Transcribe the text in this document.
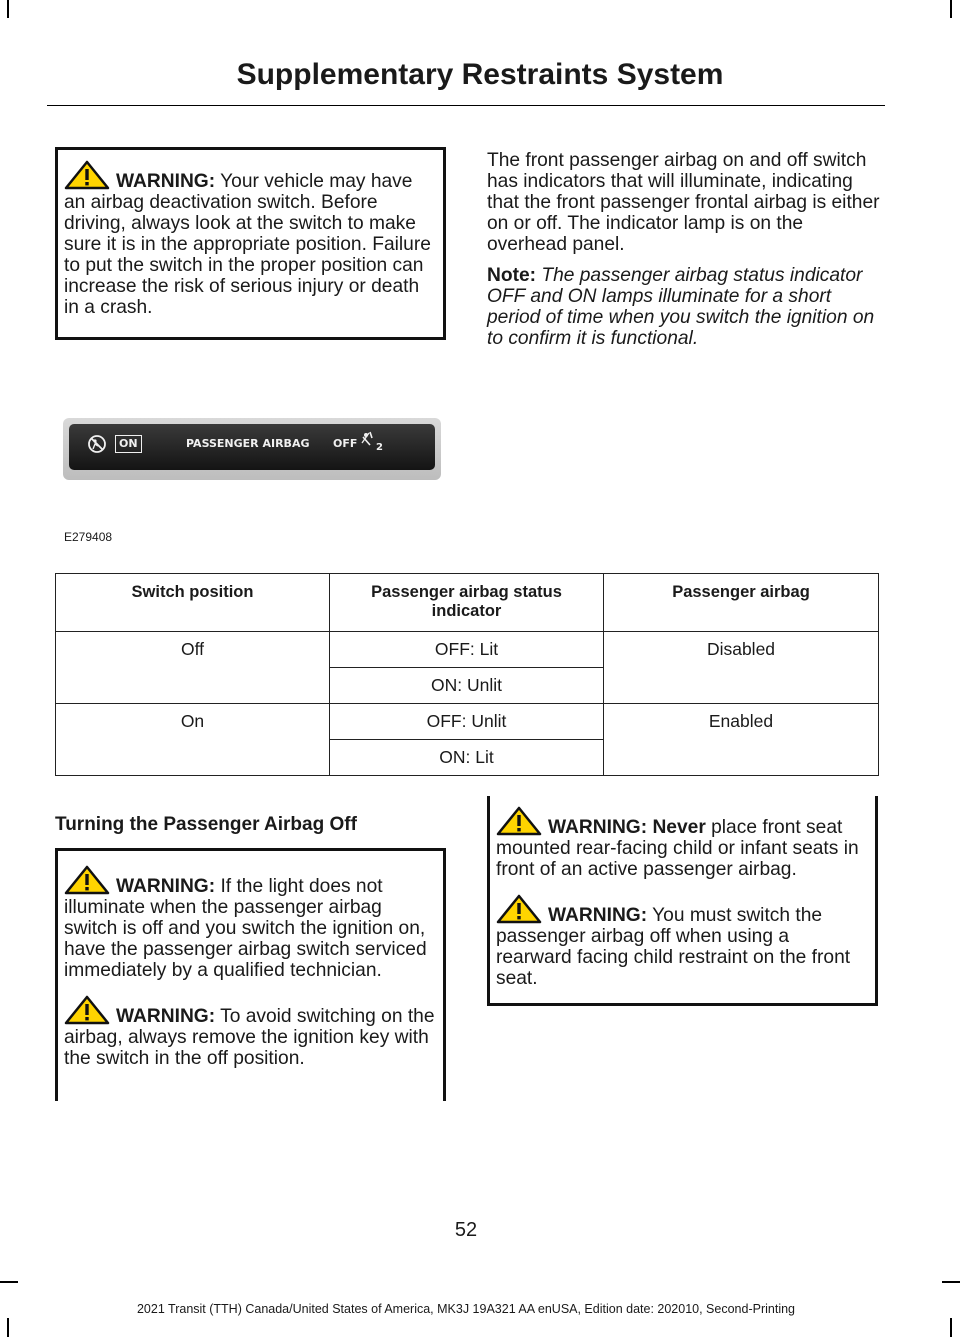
Supplementary Restraints System

WARNING: Your vehicle may have an airbag deactivation switch. Before driving, always look at the switch to make sure it is in the appropriate position. Failure to put the switch in the proper position can increase the risk of serious injury or death in a crash.

The front passenger airbag on and off switch has indicators that will illuminate, indicating that the front passenger frontal airbag is either on or off. The indicator lamp is on the overhead panel.
Note: The passenger airbag status indicator OFF and ON lamps illuminate for a short period of time when you switch the ignition on to confirm it is functional.
ON	PASSENGER AIRBAG OFF 2
E279408
Switch position	Passenger airbag status indicator	Passenger airbag
Off	OFF: Lit	Disabled
	ON: Unlit	
On	OFF: Unlit	Enabled
	ON: Lit	
Turning the Passenger Airbag Off

WARNING: If the light does not illuminate when the passenger airbag switch is off and you switch the ignition on, have the passenger airbag switch serviced immediately by a qualified technician.

WARNING: To avoid switching on the airbag, always remove the ignition key with the switch in the off position.

WARNING: Never place front seat mounted rear-facing child or infant seats in front of an active passenger airbag.

WARNING: You must switch the passenger airbag off when using a rearward facing child restraint on the front seat.

52
2021 Transit (TTH) Canada/United States of America, MK3J 19A321 AA enUSA, Edition date: 202010, Second-Printing
